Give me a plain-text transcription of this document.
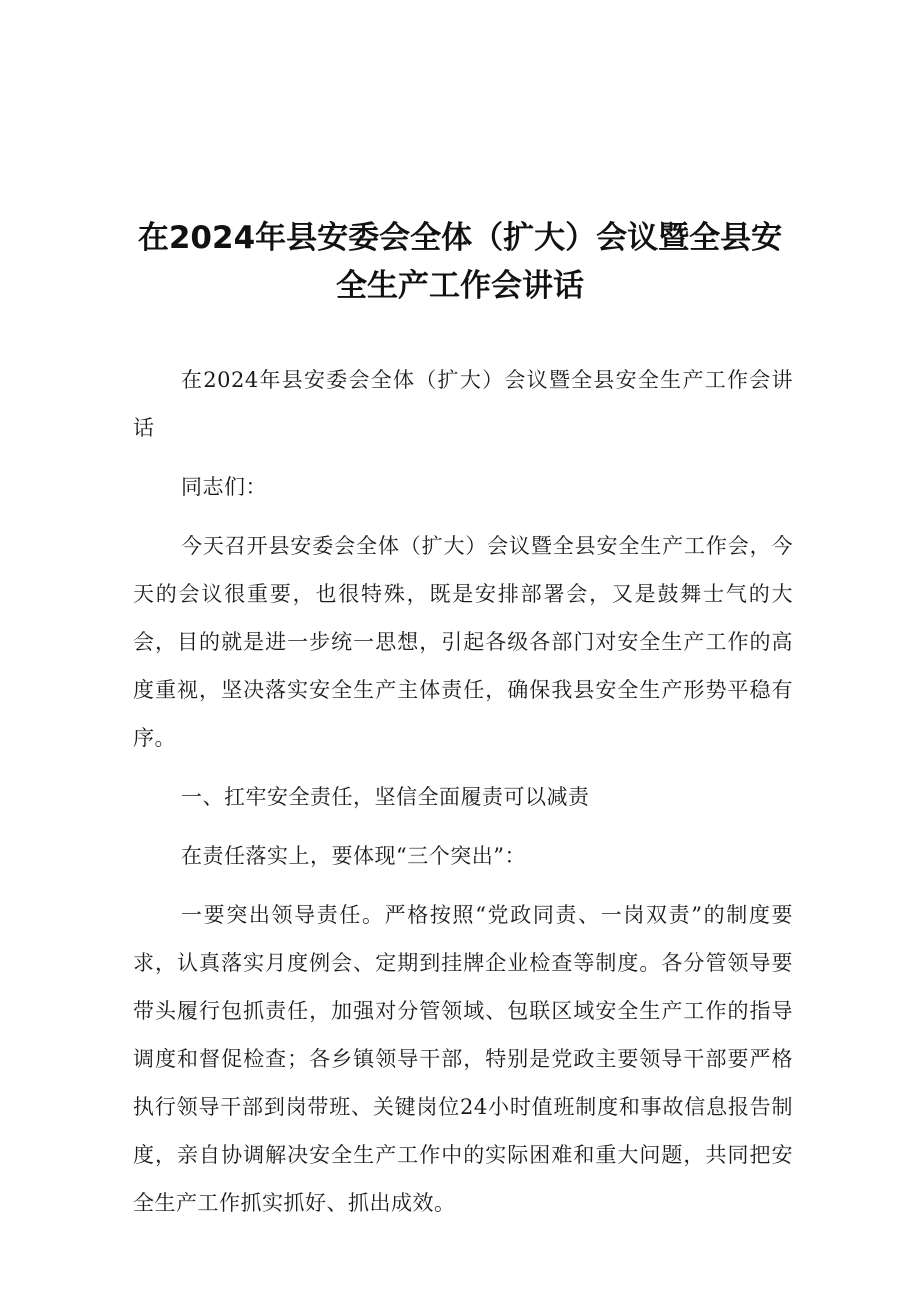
在2024年县安委会全体（扩大）会议暨全县安
全生产工作会讲话

在2024年县安委会全体（扩大）会议暨全县安全生产工作会讲话

同志们：

今天召开县安委会全体（扩大）会议暨全县安全生产工作会，今天的会议很重要，也很特殊，既是安排部署会，又是鼓舞士气的大会，目的就是进一步统一思想，引起各级各部门对安全生产工作的高度重视，坚决落实安全生产主体责任，确保我县安全生产形势平稳有序。

一、扛牢安全责任，坚信全面履责可以减责

在责任落实上，要体现“三个突出”：

一要突出领导责任。严格按照“党政同责、一岗双责”的制度要求，认真落实月度例会、定期到挂牌企业检查等制度。各分管领导要带头履行包抓责任，加强对分管领域、包联区域安全生产工作的指导调度和督促检查；各乡镇领导干部，特别是党政主要领导干部要严格执行领导干部到岗带班、关键岗位24小时值班制度和事故信息报告制度，亲自协调解决安全生产工作中的实际困难和重大问题，共同把安全生产工作抓实抓好、抓出成效。
